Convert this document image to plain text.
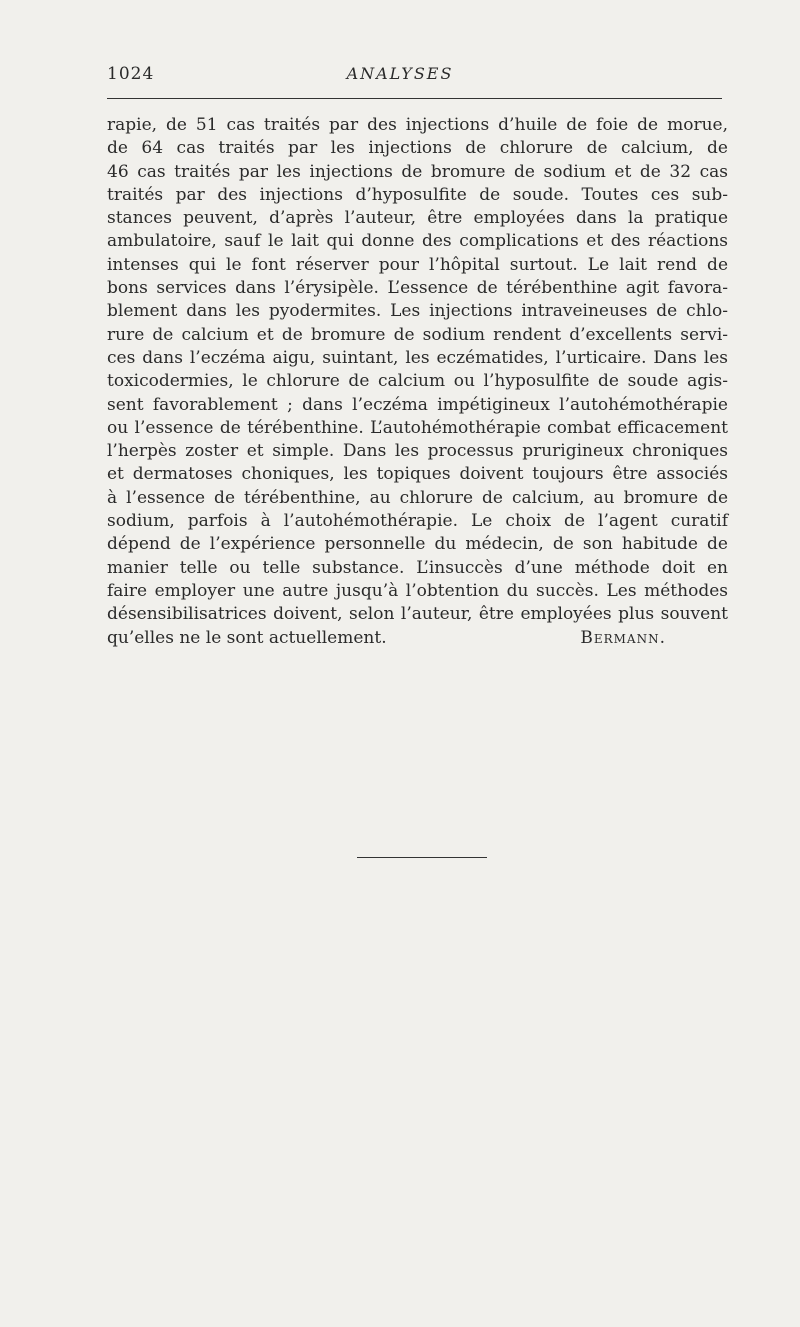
1024	ANALYSES
rapie, de 51 cas traités par des injections d’huile de foie de morue,
de 64 cas traités par les injections de chlorure de calcium, de
46 cas traités par les injections de bromure de sodium et de 32 cas
traités par des injections d’hyposulfite de soude. Toutes ces sub-
stances peuvent, d’après l’auteur, être employées dans la pratique
ambulatoire, sauf le lait qui donne des complications et des réactions
intenses qui le font réserver pour l’hôpital surtout. Le lait rend de
bons services dans l’érysipèle. L’essence de térébenthine agit favora-
blement dans les pyodermites. Les injections intraveineuses de chlo-
rure de calcium et de bromure de sodium rendent d’excellents servi-
ces dans l’eczéma aigu, suintant, les eczématides, l’urticaire. Dans les
toxicodermies, le chlorure de calcium ou l’hyposulfite de soude agis-
sent favorablement ; dans l’eczéma impétigineux l’autohémothérapie
ou l’essence de térébenthine. L’autohémothérapie combat efficacement
l’herpès zoster et simple. Dans les processus prurigineux chroniques
et dermatoses choniques, les topiques doivent toujours être associés
à l’essence de térébenthine, au chlorure de calcium, au bromure de
sodium, parfois à l’autohémothérapie. Le choix de l’agent curatif
dépend de l’expérience personnelle du médecin, de son habitude de
manier telle ou telle substance. L’insuccès d’une méthode doit en
faire employer une autre jusqu’à l’obtention du succès. Les méthodes
désensibilisatrices doivent, selon l’auteur, être employées plus souvent
qu’elles ne le sont actuellement.	Bermann.
